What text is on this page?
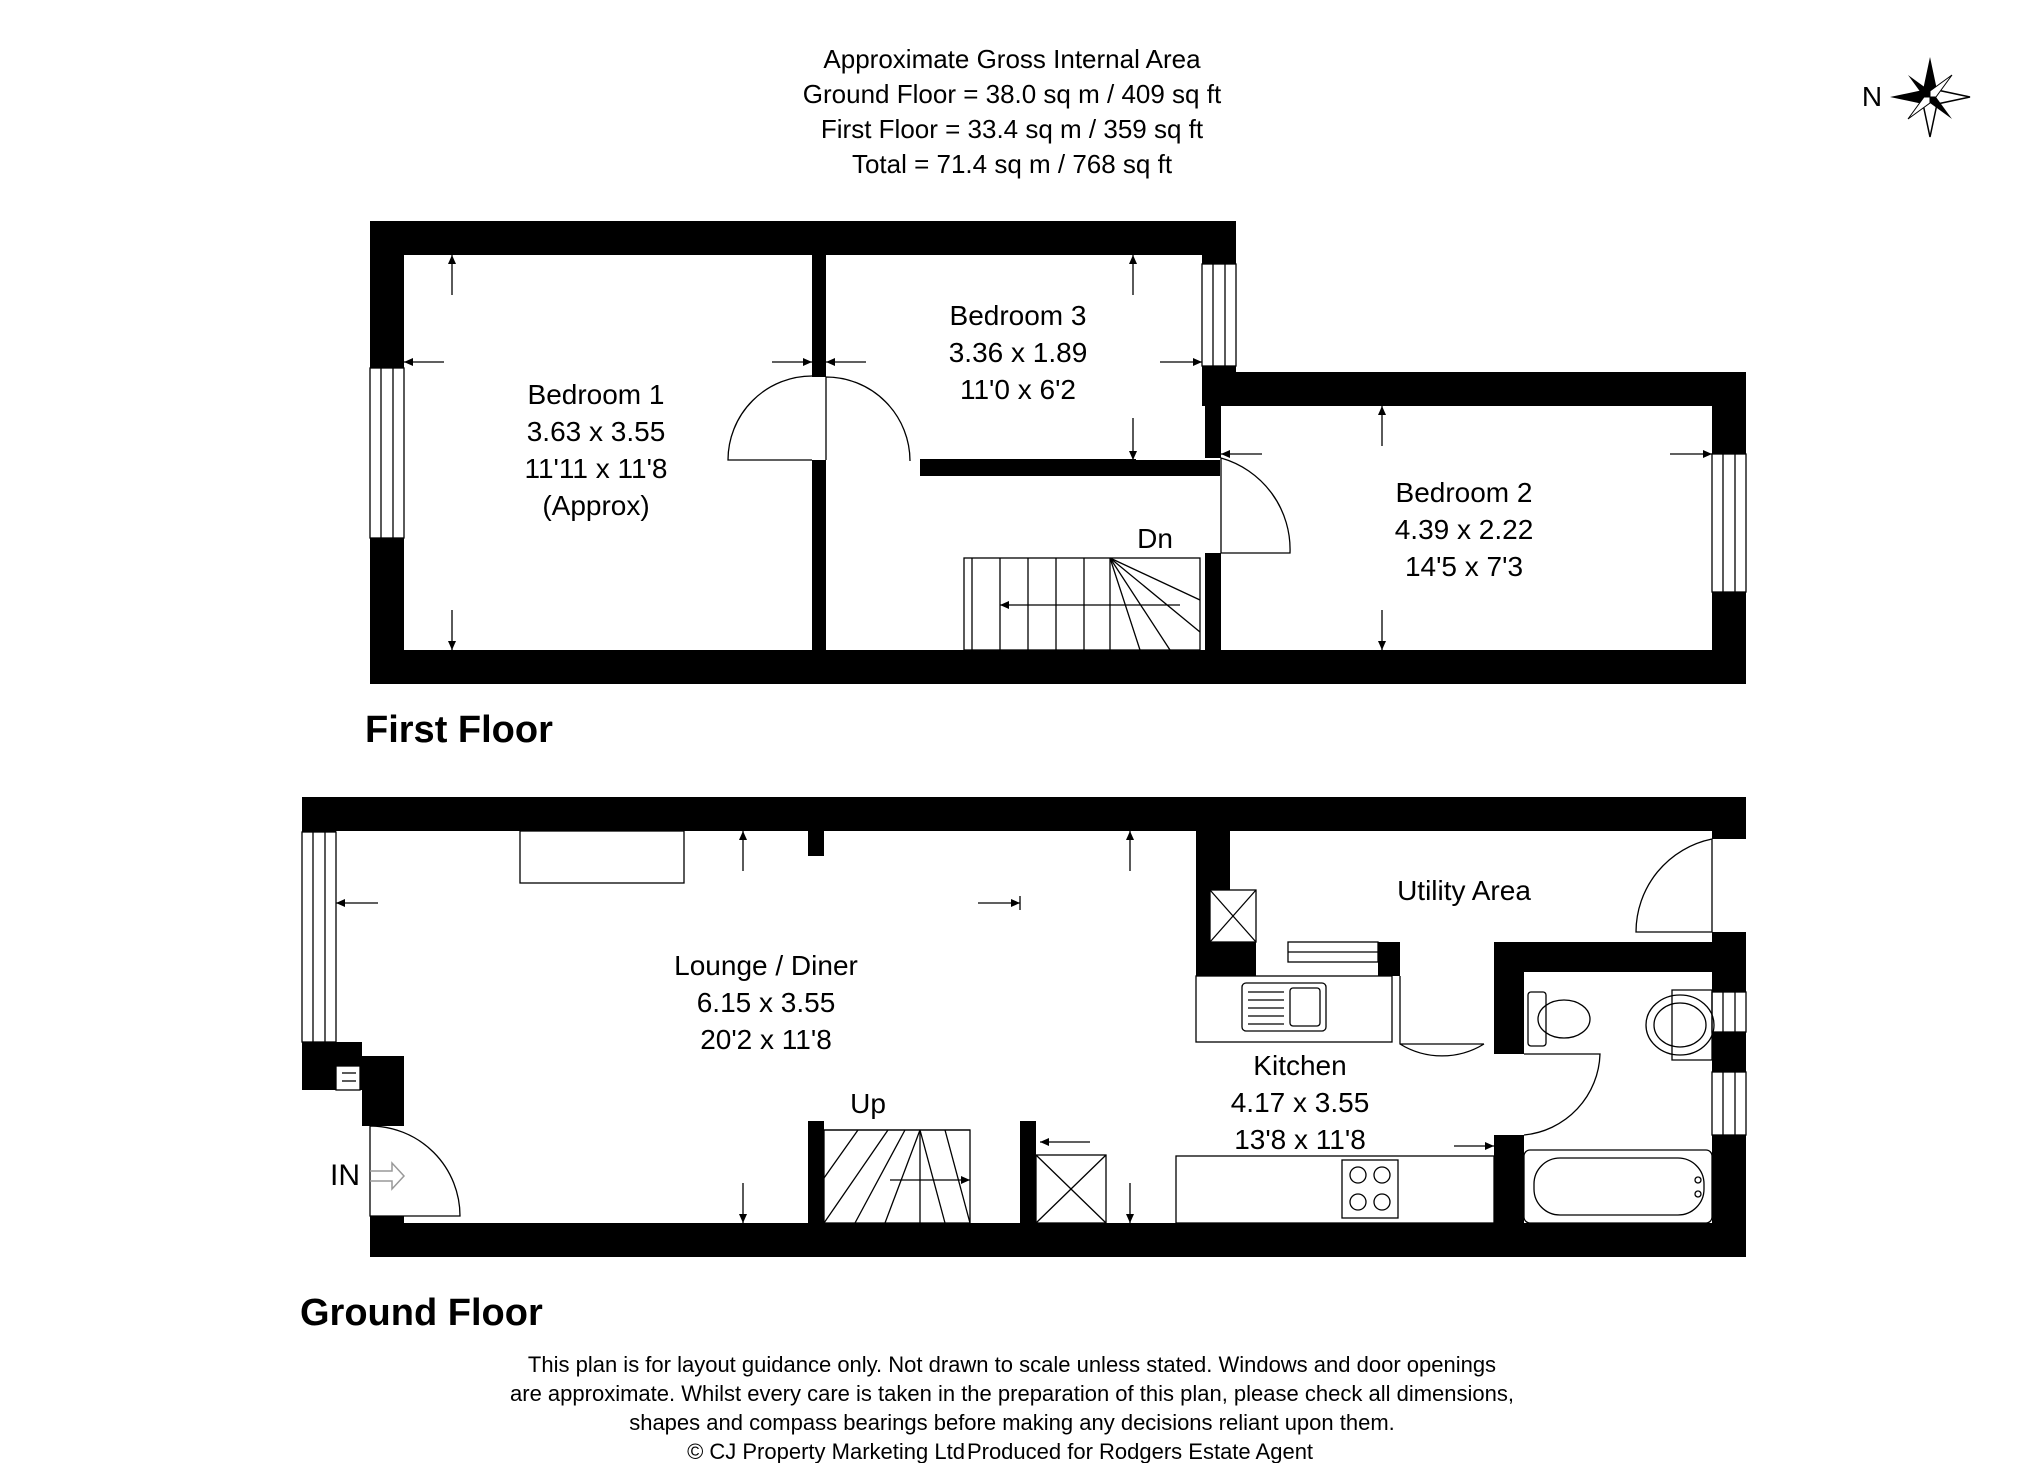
Approximate Gross Internal Area
Ground Floor = 38.0 sq m / 409 sq ft
First Floor = 33.4 sq m / 359 sq ft
Total = 71.4 sq m / 768 sq ft
N
Dn
Bedroom 1
3.63 x 3.55
11'11 x 11'8
(Approx)
Bedroom 3
3.36 x 1.89
11'0 x 6'2
Bedroom 2
4.39 x 2.22
14'5 x 7'3
First Floor
Up
IN
Lounge / Diner
6.15 x 3.55
20'2 x 11'8
Kitchen
4.17 x 3.55
13'8 x 11'8
Utility Area
Ground Floor
This plan is for layout guidance only. Not drawn to scale unless stated. Windows and door openings
are approximate. Whilst every care is taken in the preparation of this plan, please check all dimensions,
shapes and compass bearings before making any decisions reliant upon them.
© CJ Property Marketing Ltd Produced for Rodgers Estate Agent
